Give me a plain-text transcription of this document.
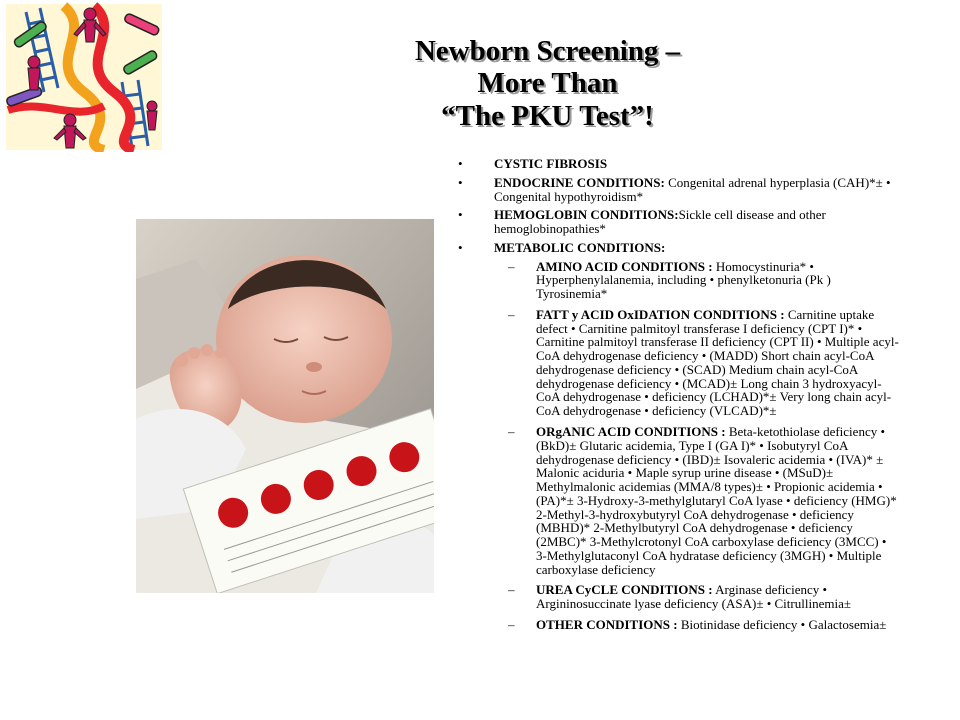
Newborn Screening –
More Than
“The PKU Test”!
• CYSTIC FIBROSIS
• ENDOCRINE CONDITIONS: Congenital adrenal hyperplasia (CAH)*± • Congenital hypothyroidism*
• HEMOGLOBIN CONDITIONS:Sickle cell disease and other hemoglobinopathies*
• METABOLIC CONDITIONS:
– AMINO ACID CONDITIONS : Homocystinuria* • Hyperphenylalanemia, including • phenylketonuria (Pk ) Tyrosinemia*
– FATT y ACID OxIDATION CONDITIONS : Carnitine uptake defect • Carnitine palmitoyl transferase I deficiency (CPT I)* • Carnitine palmitoyl transferase II deficiency (CPT II) • Multiple acyl-CoA dehydrogenase deficiency • (MADD) Short chain acyl-CoA dehydrogenase deficiency • (SCAD) Medium chain acyl-CoA dehydrogenase deficiency • (MCAD)± Long chain 3 hydroxyacyl-CoA dehydrogenase • deficiency (LCHAD)*± Very long chain acyl-CoA dehydrogenase • deficiency (VLCAD)*±
– ORgANIC ACID CONDITIONS : Beta-ketothiolase deficiency • (BkD)± Glutaric acidemia, Type I (GA I)* • Isobutyryl CoA dehydrogenase deficiency • (IBD)± Isovaleric acidemia • (IVA)* ± Malonic aciduria • Maple syrup urine disease • (MSuD)± Methylmalonic acidemias (MMA/8 types)± • Propionic acidemia • (PA)*± 3-Hydroxy-3-methylglutaryl CoA lyase • deficiency (HMG)* 2-Methyl-3-hydroxybutyryl CoA dehydrogenase • deficiency (MBHD)* 2-Methylbutyryl CoA dehydrogenase • deficiency (2MBC)* 3-Methylcrotonyl CoA carboxylase deficiency (3MCC) • 3-Methylglutaconyl CoA hydratase deficiency (3MGH) • Multiple carboxylase deficiency
– UREA CyCLE CONDITIONS : Arginase deficiency • Argininosuccinate lyase deficiency (ASA)± • Citrullinemia±
– OTHER CONDITIONS : Biotinidase deficiency • Galactosemia±
